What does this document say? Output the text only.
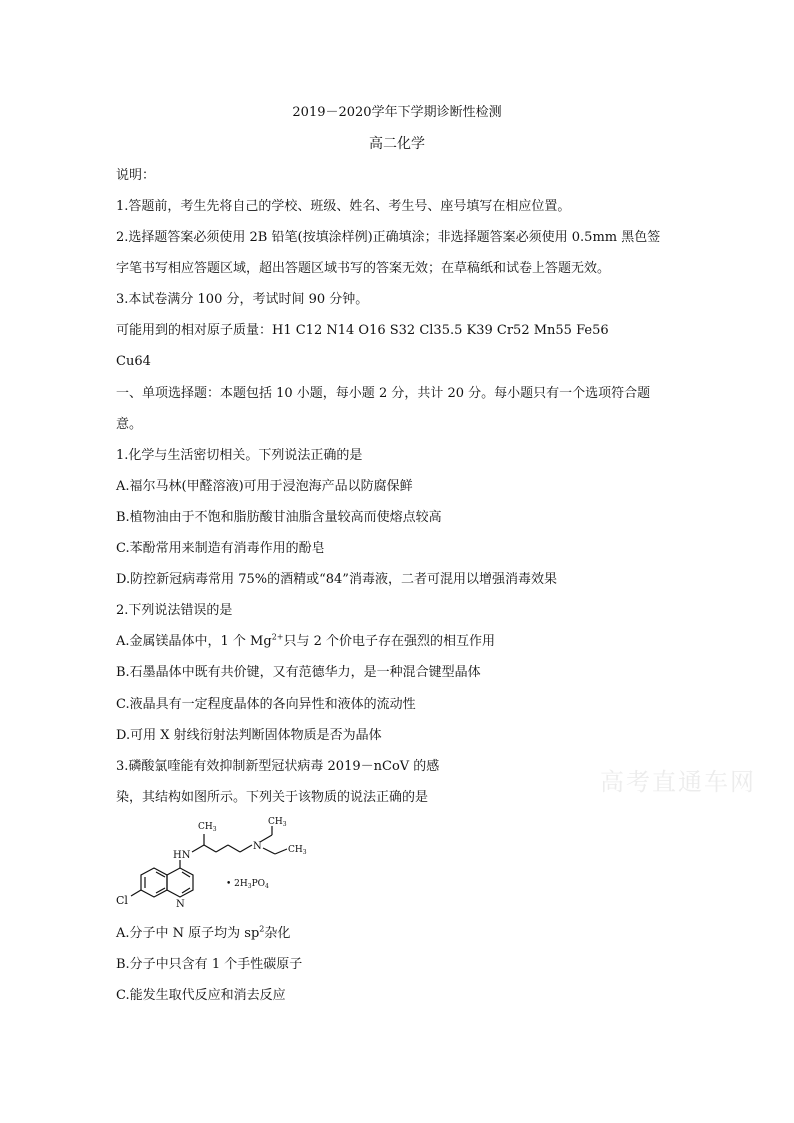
2019－2020学年下学期诊断性检测
高二化学
说明：
1.答题前，考生先将自己的学校、班级、姓名、考生号、座号填写在相应位置。
2.选择题答案必须使用 2B 铅笔(按填涂样例)正确填涂；非选择题答案必须使用 0.5mm 黑色签
字笔书写相应答题区域，超出答题区域书写的答案无效；在草稿纸和试卷上答题无效。
3.本试卷满分 100 分，考试时间 90 分钟。
可能用到的相对原子质量：H1 C12 N14 O16 S32 Cl35.5 K39 Cr52 Mn55 Fe56
Cu64
一、单项选择题：本题包括 10 小题，每小题 2 分，共计 20 分。每小题只有一个选项符合题
意。
1.化学与生活密切相关。下列说法正确的是
A.福尔马林(甲醛溶液)可用于浸泡海产品以防腐保鲜
B.植物油由于不饱和脂肪酸甘油脂含量较高而使熔点较高
C.苯酚常用来制造有消毒作用的酚皂
D.防控新冠病毒常用 75%的酒精或“84”消毒液，二者可混用以增强消毒效果
2.下列说法错误的是
A.金属镁晶体中，1 个 $Mg^{2+}$只与 2 个价电子存在强烈的相互作用
B.石墨晶体中既有共价键，又有范德华力，是一种混合键型晶体
C.液晶具有一定程度晶体的各向异性和液体的流动性
D.可用 X 射线衍射法判断固体物质是否为晶体
3.磷酸氯喹能有效抑制新型冠状病毒 2019－nCoV 的感
染，其结构如图所示。下列关于该物质的说法正确的是
高考直通车网
$CH_3$
$CH_3$
$CH_3$
HN
N
N
Cl
• $2H_3PO_4$
A.分子中 N 原子均为 $sp^2$杂化
B.分子中只含有 1 个手性碳原子
C.能发生取代反应和消去反应
